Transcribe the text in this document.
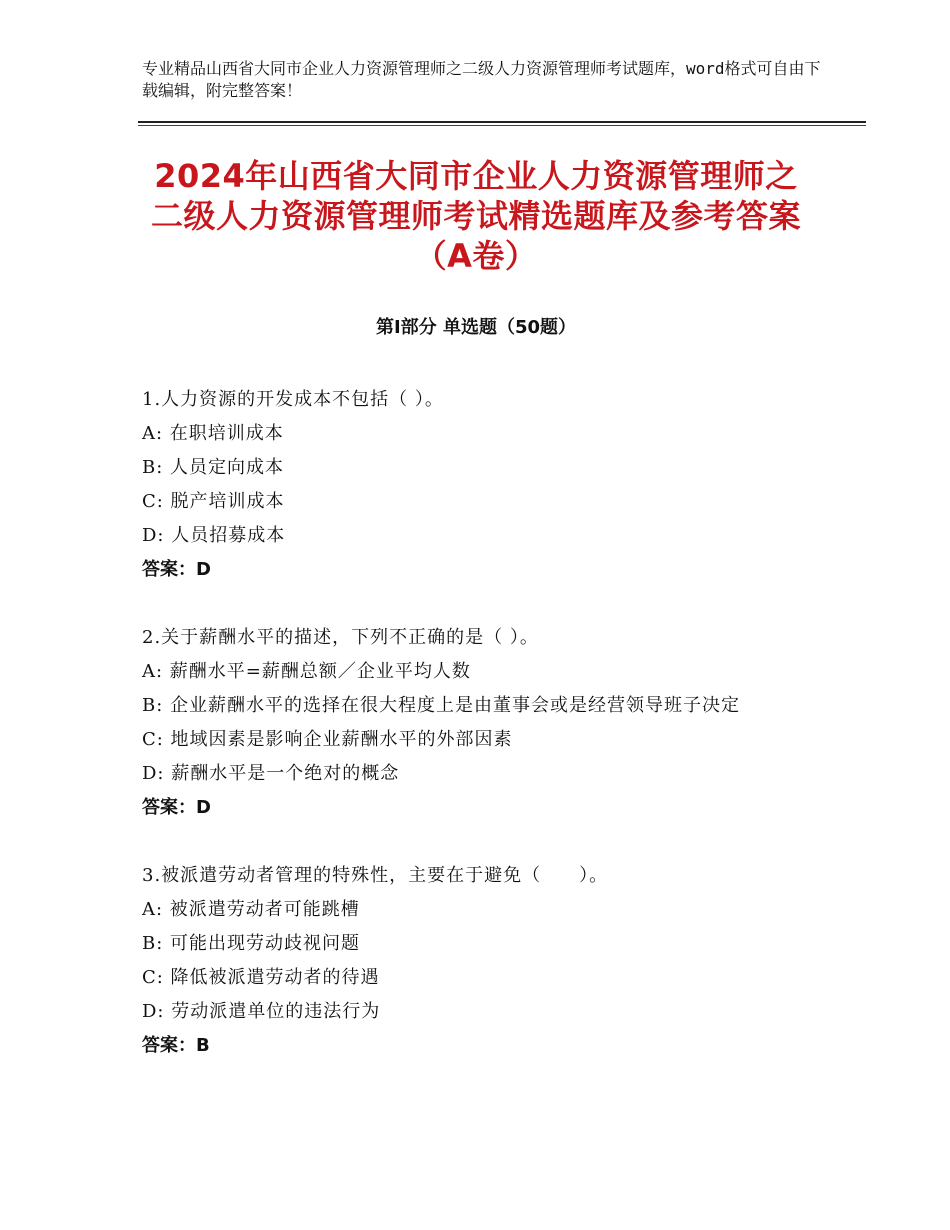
专业精品山西省大同市企业人力资源管理师之二级人力资源管理师考试题库，word格式可自由下载编辑，附完整答案！
2024年山西省大同市企业人力资源管理师之二级人力资源管理师考试精选题库及参考答案（A卷）
第Ⅰ部分 单选题（50题）
1.人力资源的开发成本不包括（ ）。
A: 在职培训成本
B: 人员定向成本
C: 脱产培训成本
D: 人员招募成本
答案：D
2.关于薪酬水平的描述，下列不正确的是（ ）。
A: 薪酬水平=薪酬总额／企业平均人数
B: 企业薪酬水平的选择在很大程度上是由董事会或是经营领导班子决定
C: 地域因素是影响企业薪酬水平的外部因素
D: 薪酬水平是一个绝对的概念
答案：D
3.被派遣劳动者管理的特殊性，主要在于避免（　　）。
A: 被派遣劳动者可能跳槽
B: 可能出现劳动歧视问题
C: 降低被派遣劳动者的待遇
D: 劳动派遣单位的违法行为
答案：B
